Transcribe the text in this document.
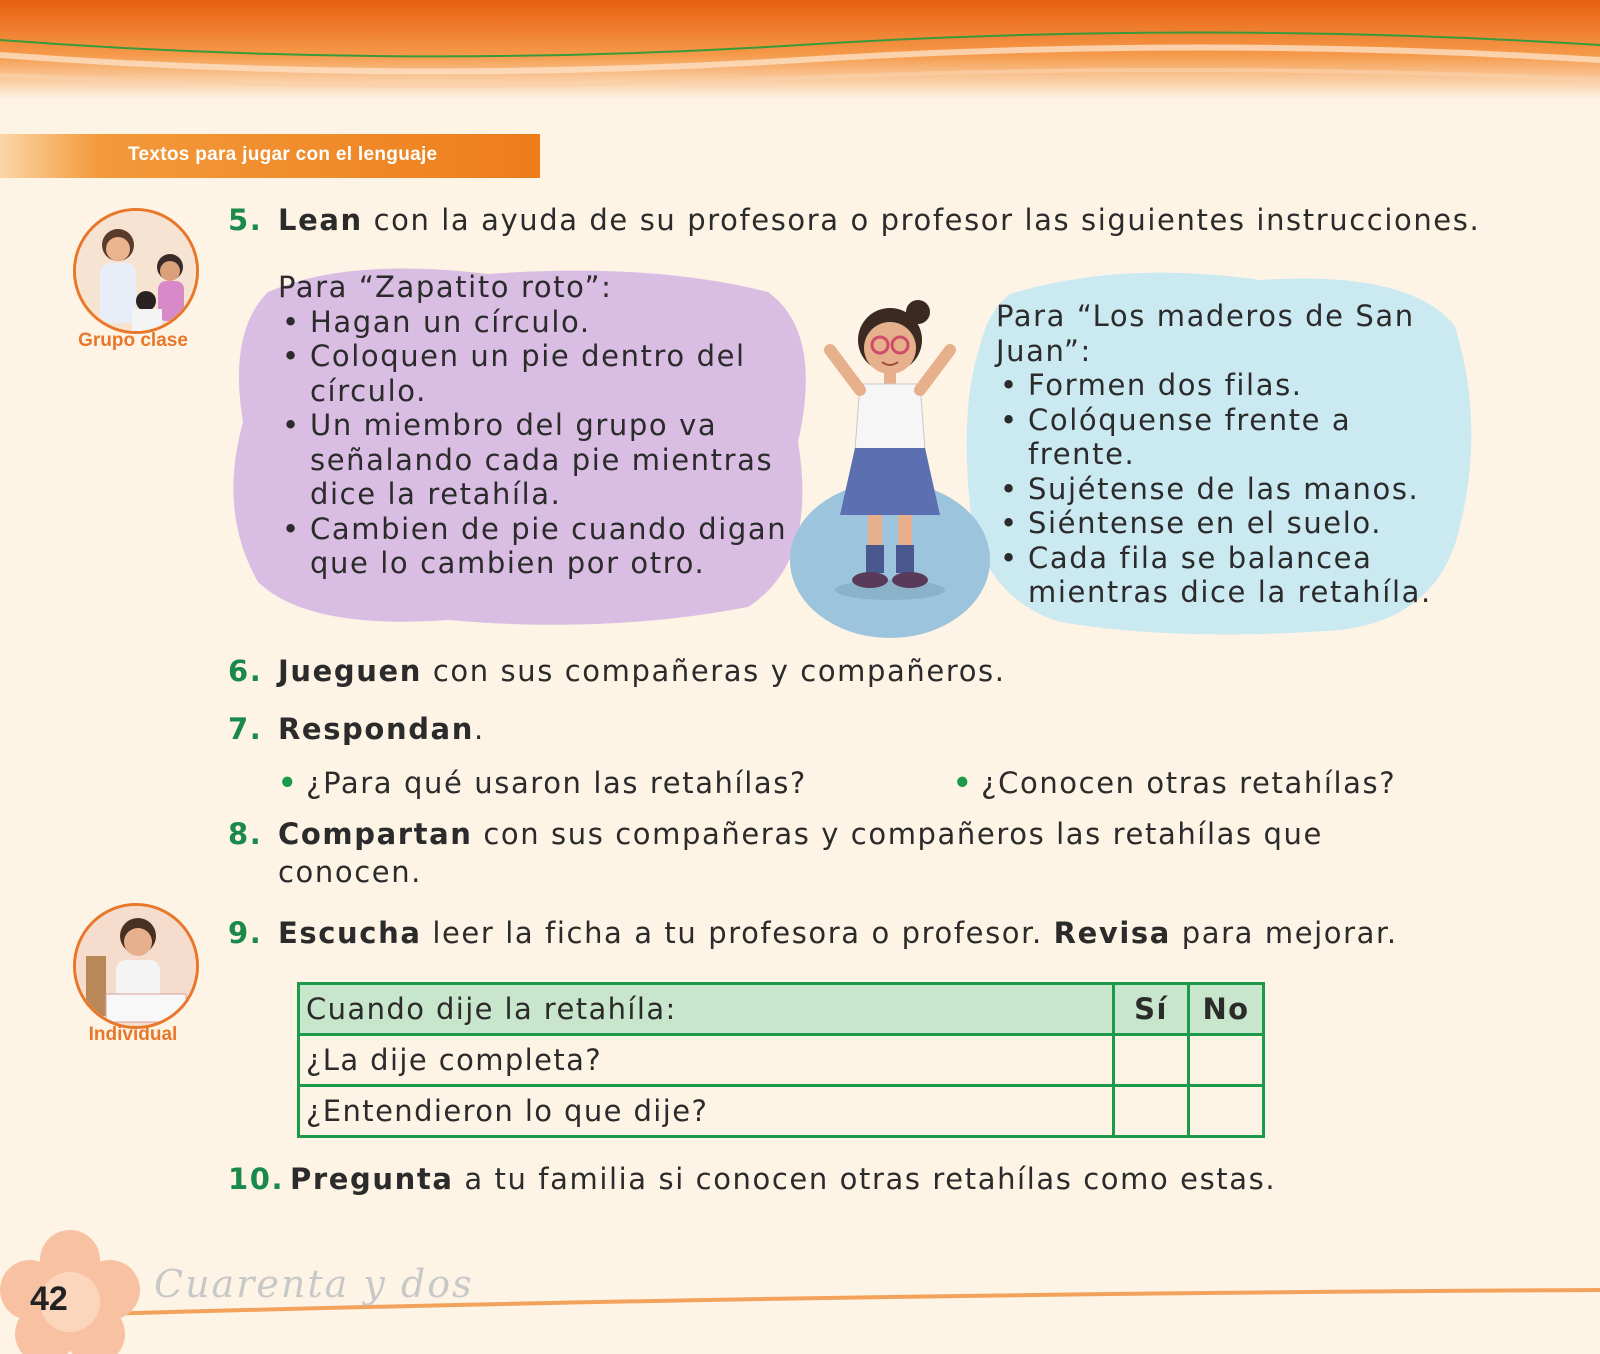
Textos para jugar con el lenguaje
Grupo clase
5. Lean con la ayuda de su profesora o profesor las siguientes instrucciones.
Para “Zapatito roto”:
• Hagan un círculo.
• Coloquen un pie dentro del círculo.
• Un miembro del grupo va señalando cada pie mientras dice la retahíla.
• Cambien de pie cuando digan que lo cambien por otro.
Para “Los maderos de San Juan”:
• Formen dos filas.
• Colóquense frente a frente.
• Sujétense de las manos.
• Siéntense en el suelo.
• Cada fila se balancea mientras dice la retahíla.
6. Jueguen con sus compañeras y compañeros.
7. Respondan.
• ¿Para qué usaron las retahílas?	• ¿Conocen otras retahílas?
8. Compartan con sus compañeras y compañeros las retahílas que
conocen.
Individual
9. Escucha leer la ficha a tu profesora o profesor. Revisa para mejorar.
Cuando dije la retahíla:	Sí	No
¿La dije completa?		
¿Entendieron lo que dije?		
10. Pregunta a tu familia si conocen otras retahílas como estas.
42 Cuarenta y dos
